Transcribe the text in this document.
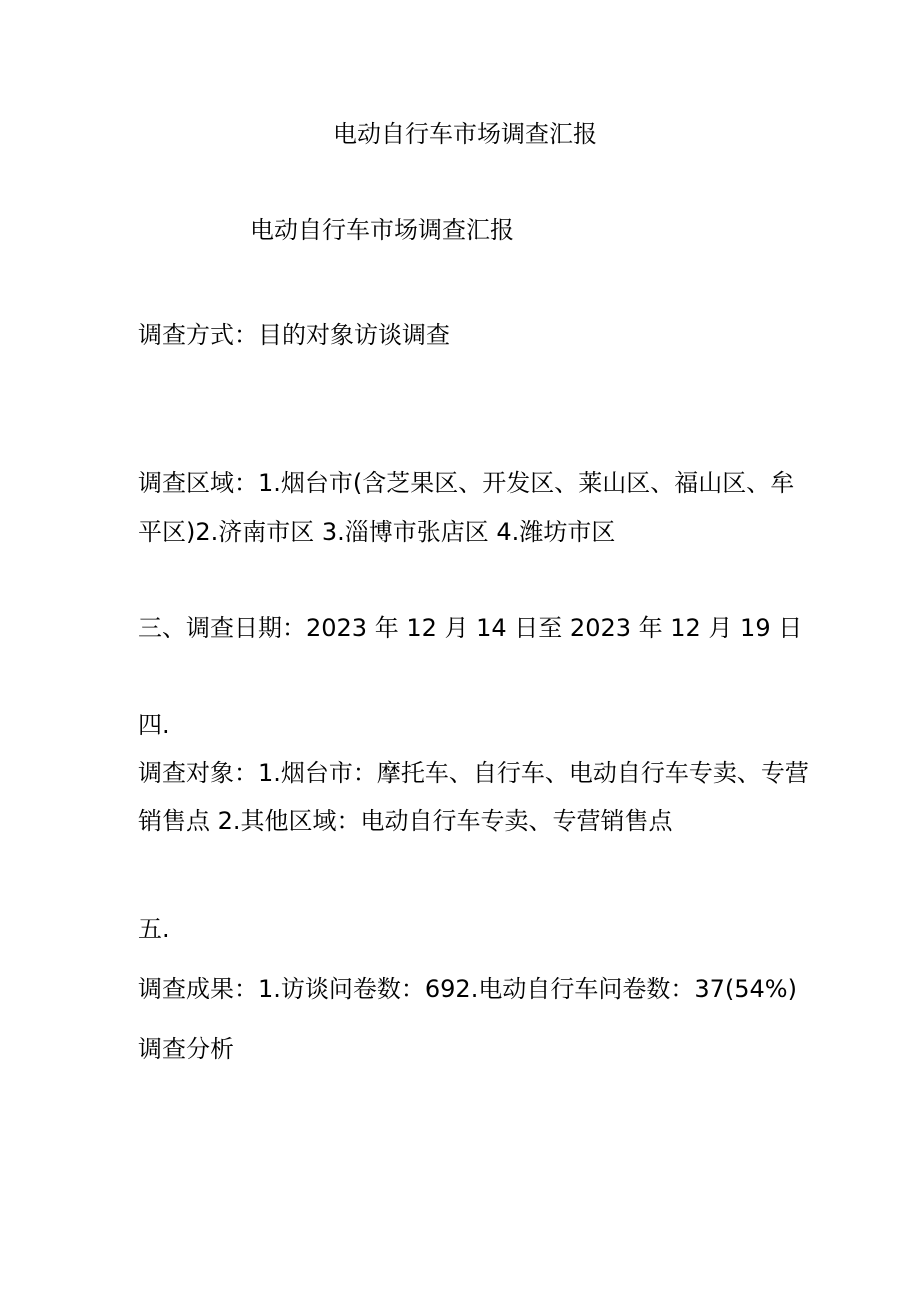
电动自行车市场调查汇报
电动自行车市场调查汇报
调查方式：目的对象访谈调查
调查区域：1.烟台市(含芝果区、开发区、莱山区、福山区、牟
平区)2.济南市区 3.淄博市张店区 4.潍坊市区
三、调查日期：2023 年 12 月 14 日至 2023 年 12 月 19 日
四.
调查对象：1.烟台市：摩托车、自行车、电动自行车专卖、专营
销售点 2.其他区域：电动自行车专卖、专营销售点
五.
调查成果：1.访谈问卷数：692.电动自行车问卷数：37(54%)
调查分析
